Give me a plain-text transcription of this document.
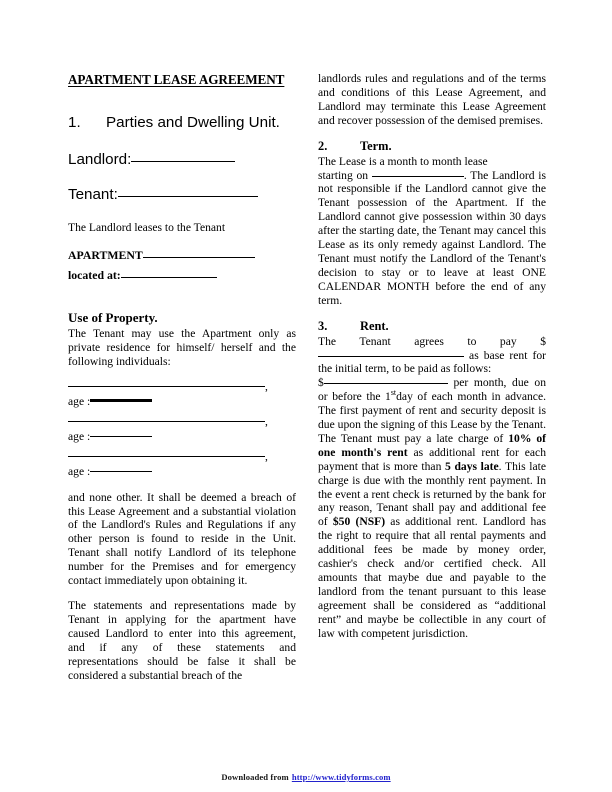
APARTMENT LEASE AGREEMENT
1. Parties and Dwelling Unit.
Landlord:
Tenant:
The Landlord leases to the Tenant
APARTMENT
located at:
Use of Property.
The Tenant may use the Apartment only as private residence for himself/ herself and the following individuals:
,
age :
,
age :
,
age :
and none other. It shall be deemed a breach of this Lease Agreement and a substantial violation of the Landlord's Rules and Regulations if any other person is found to reside in the Unit. Tenant shall notify Landlord of its telephone number for the Premises and for emergency contact immediately upon obtaining it.
The statements and representations made by Tenant in applying for the apartment have caused Landlord to enter into this agreement, and if any of these statements and representations should be false it shall be considered a substantial breach of the
landlords rules and regulations and of the terms and conditions of this Lease Agreement, and Landlord may terminate this Lease Agreement and recover possession of the demised premises.
2.	Term.
The Lease is a month to month lease
starting on	. The Landlord is not responsible if the Landlord cannot give the Tenant possession of the Apartment. If the Landlord cannot give possession within 30 days after the starting date, the Tenant may cancel this Lease as its only remedy against Landlord. The Tenant must notify the Landlord of the Tenant's decision to stay or to leave at least ONE CALENDAR MONTH before the end of any term.
3.	Rent.
The Tenant agrees to pay $ as base rent for the initial term, to be paid as follows:
$	per month, due on or before the 1stday of each month in advance. The first payment of rent and security deposit is due upon the signing of this Lease by the Tenant. The Tenant must pay a late charge of 10% of one month's rent as additional rent for each payment that is more than 5 days late. This late charge is due with the monthly rent payment. In the event a rent check is returned by the bank for any reason, Tenant shall pay and additional fee of $50 (NSF) as additional rent. Landlord has the right to require that all rental payments and additional fees be made by money order, cashier's check and/or certified check. All amounts that maybe due and payable to the landlord from the tenant pursuant to this lease agreement shall be considered as “additional rent” and maybe be collectible in any court of law with competent jurisdiction.
Downloaded from http://www.tidyforms.com
